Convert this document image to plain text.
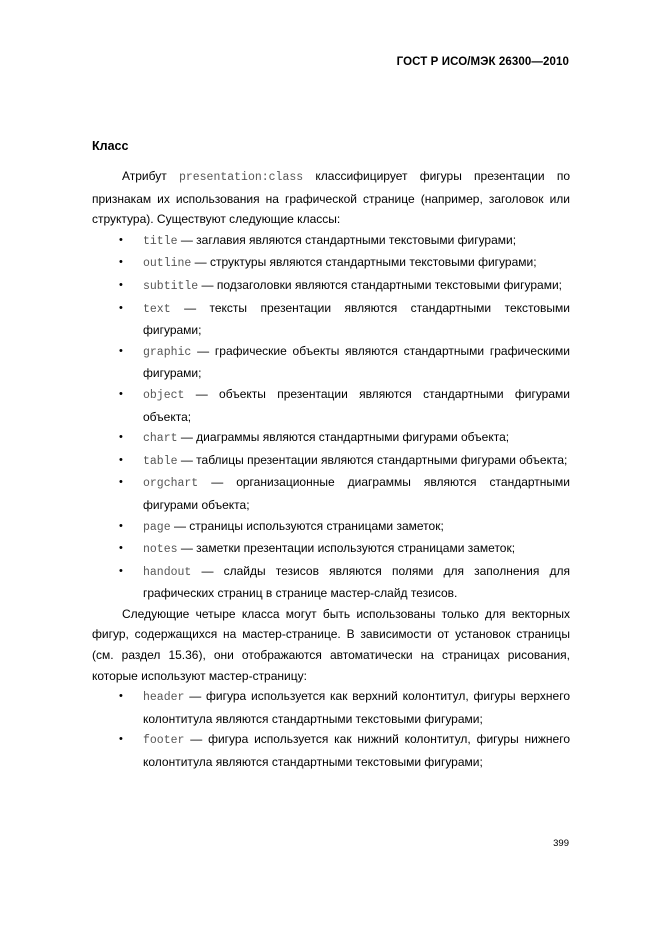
ГОСТ Р ИСО/МЭК 26300—2010
Класс

Атрибут presentation:class классифицирует фигуры презентации по признакам их использования на графической странице (например, заголовок или структура). Существуют следующие классы:

• title — заглавия являются стандартными текстовыми фигурами;
• outline — структуры являются стандартными текстовыми фигурами;
• subtitle — подзаголовки являются стандартными текстовыми фигурами;
• text — тексты презентации являются стандартными текстовыми фигурами;
• graphic — графические объекты являются стандартными графическими фигурами;
• object — объекты презентации являются стандартными фигурами объекта;
• chart — диаграммы являются стандартными фигурами объекта;
• table — таблицы презентации являются стандартными фигурами объекта;
• orgchart — организационные диаграммы являются стандартными фигурами объекта;
• page — страницы используются страницами заметок;
• notes — заметки презентации используются страницами заметок;
• handout — слайды тезисов являются полями для заполнения для графических страниц в странице мастер-слайд тезисов.

Следующие четыре класса могут быть использованы только для векторных фигур, содержащихся на мастер-странице. В зависимости от установок страницы (см. раздел 15.36), они отображаются автоматически на страницах рисования, которые используют мастер-страницу:

• header — фигура используется как верхний колонтитул, фигуры верхнего колонтитула являются стандартными текстовыми фигурами;
• footer — фигура используется как нижний колонтитул, фигуры нижнего колонтитула являются стандартными текстовыми фигурами;
399
